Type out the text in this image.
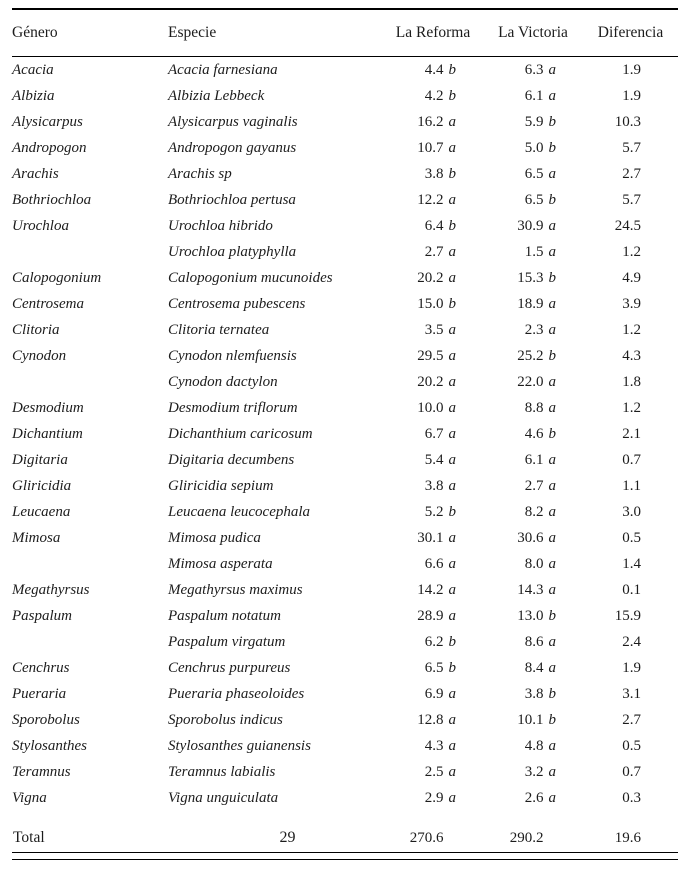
Género	Especie	La Reforma	La Victoria	Diferencia
Acacia	Acacia farnesiana	4.4 b	6.3 a	1.9

Albizia	Albizia Lebbeck	4.2 b	6.1 a	1.9

Alysicarpus	Alysicarpus vaginalis	16.2 a	5.9 b	10.3

Andropogon	Andropogon gayanus	10.7 a	5.0 b	5.7

Arachis	Arachis sp	3.8 b	6.5 a	2.7

Bothriochloa	Bothriochloa pertusa	12.2 a	6.5 b	5.7

Urochloa	Urochloa hibrido	6.4 b	30.9 a	24.5

	Urochloa platyphylla	2.7 a	1.5 a	1.2

Calopogonium	Calopogonium mucunoides	20.2 a	15.3 b	4.9

Centrosema	Centrosema pubescens	15.0 b	18.9 a	3.9

Clitoria	Clitoria ternatea	3.5 a	2.3 a	1.2

Cynodon	Cynodon nlemfuensis	29.5 a	25.2 b	4.3

	Cynodon dactylon	20.2 a	22.0 a	1.8

Desmodium	Desmodium triflorum	10.0 a	8.8 a	1.2

Dichantium	Dichanthium caricosum	6.7 a	4.6 b	2.1

Digitaria	Digitaria decumbens	5.4 a	6.1 a	0.7

Gliricidia	Gliricidia sepium	3.8 a	2.7 a	1.1

Leucaena	Leucaena leucocephala	5.2 b	8.2 a	3.0

Mimosa	Mimosa pudica	30.1 a	30.6 a	0.5

	Mimosa asperata	6.6 a	8.0 a	1.4

Megathyrsus	Megathyrsus maximus	14.2 a	14.3 a	0.1

Paspalum	Paspalum notatum	28.9 a	13.0 b	15.9

	Paspalum virgatum	6.2 b	8.6 a	2.4

Cenchrus	Cenchrus purpureus	6.5 b	8.4 a	1.9

Pueraria	Pueraria phaseoloides	6.9 a	3.8 b	3.1

Sporobolus	Sporobolus indicus	12.8 a	10.1 b	2.7

Stylosanthes	Stylosanthes guianensis	4.3 a	4.8 a	0.5

Teramnus	Teramnus labialis	2.5 a	3.2 a	0.7

Vigna	Vigna unguiculata	2.9 a	2.6 a	0.3

Total	29	270.6	290.2	19.6
